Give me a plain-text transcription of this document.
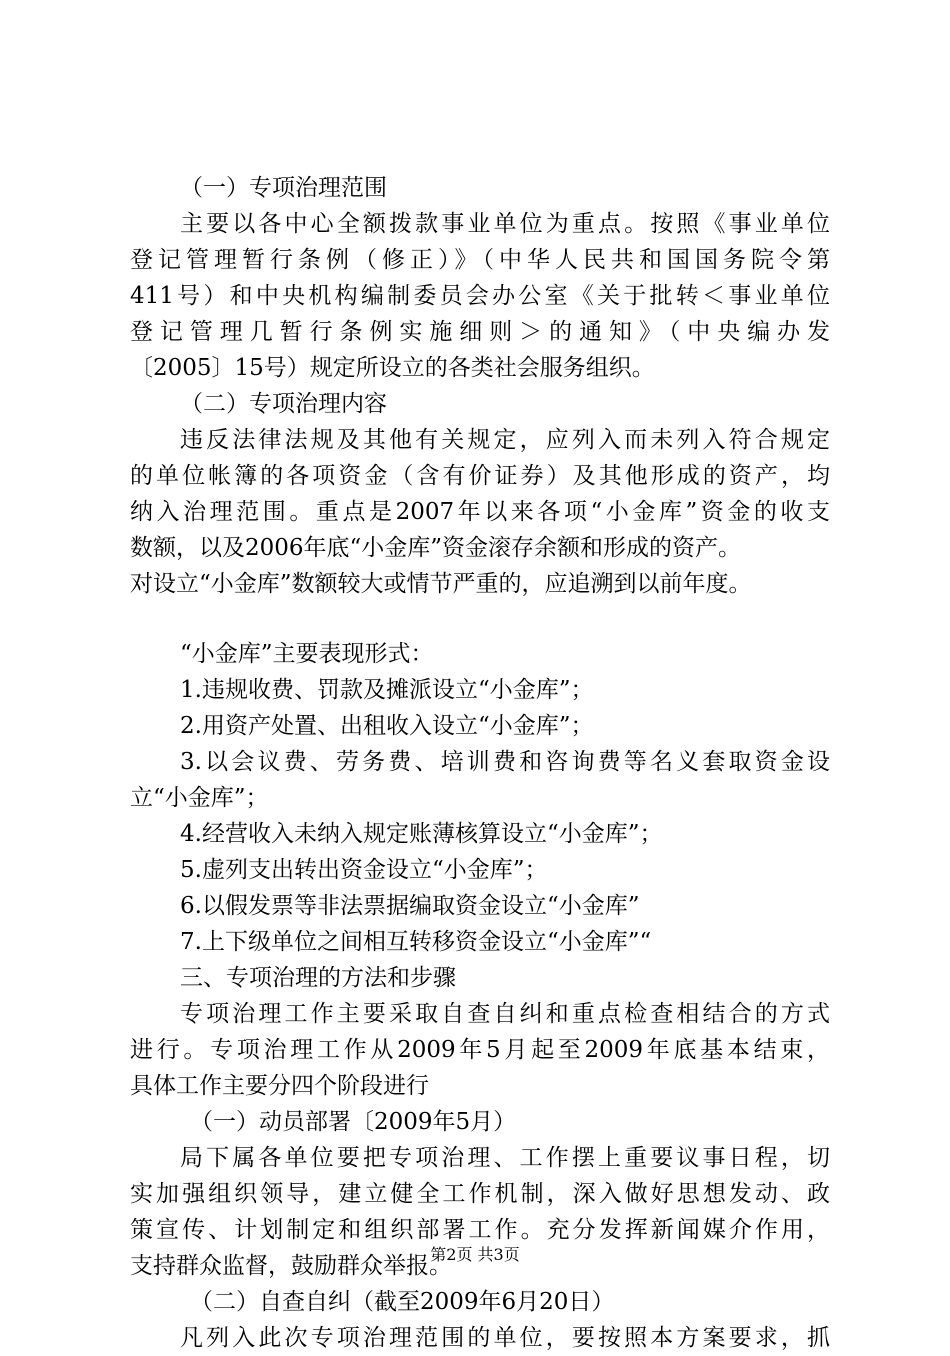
（一）专项治理范围
主要以各中心全额拨款事业单位为重点。按照《事业单位
登记管理暂行条例（修正）》（中华人民共和国国务院令第
411号）和中央机构编制委员会办公室《关于批转＜事业单位
登记管理几暂行条例实施细则＞的通知》（中央编办发
〔2005〕15号）规定所设立的各类社会服务组织。
（二）专项治理内容
违反法律法规及其他有关规定，应列入而未列入符合规定
的单位帐簿的各项资金（含有价证券）及其他形成的资产，均
纳入治理范围。重点是2007年以来各项“小金库”资金的收支
数额，以及2006年底“小金库”资金滚存余额和形成的资产。
对设立“小金库”数额较大或情节严重的，应追溯到以前年度。
“小金库”主要表现形式：
1.违规收费、罚款及摊派设立“小金库”；
2.用资产处置、出租收入设立“小金库”；
3.以会议费、劳务费、培训费和咨询费等名义套取资金设
立“小金库”；
4.经营收入未纳入规定账薄核算设立“小金库”；
5.虚列支出转出资金设立“小金库”；
6.以假发票等非法票据编取资金设立“小金库”
7.上下级单位之间相互转移资金设立“小金库”“
三、专项治理的方法和步骤
专项治理工作主要采取自查自纠和重点检查相结合的方式
进行。专项治理工作从2009年5月起至2009年底基本结束，
具体工作主要分四个阶段进行
（一）动员部署〔2009年5月）
局下属各单位要把专项治理、工作摆上重要议事日程，切
实加强组织领导，建立健全工作机制，深入做好思想发动、政
策宣传、计划制定和组织部署工作。充分发挥新闻媒介作用，
支持群众监督，鼓励群众举报。
（二）自查自纠（截至2009年6月20日）
凡列入此次专项治理范围的单位，要按照本方案要求，抓
第2页 共3页
